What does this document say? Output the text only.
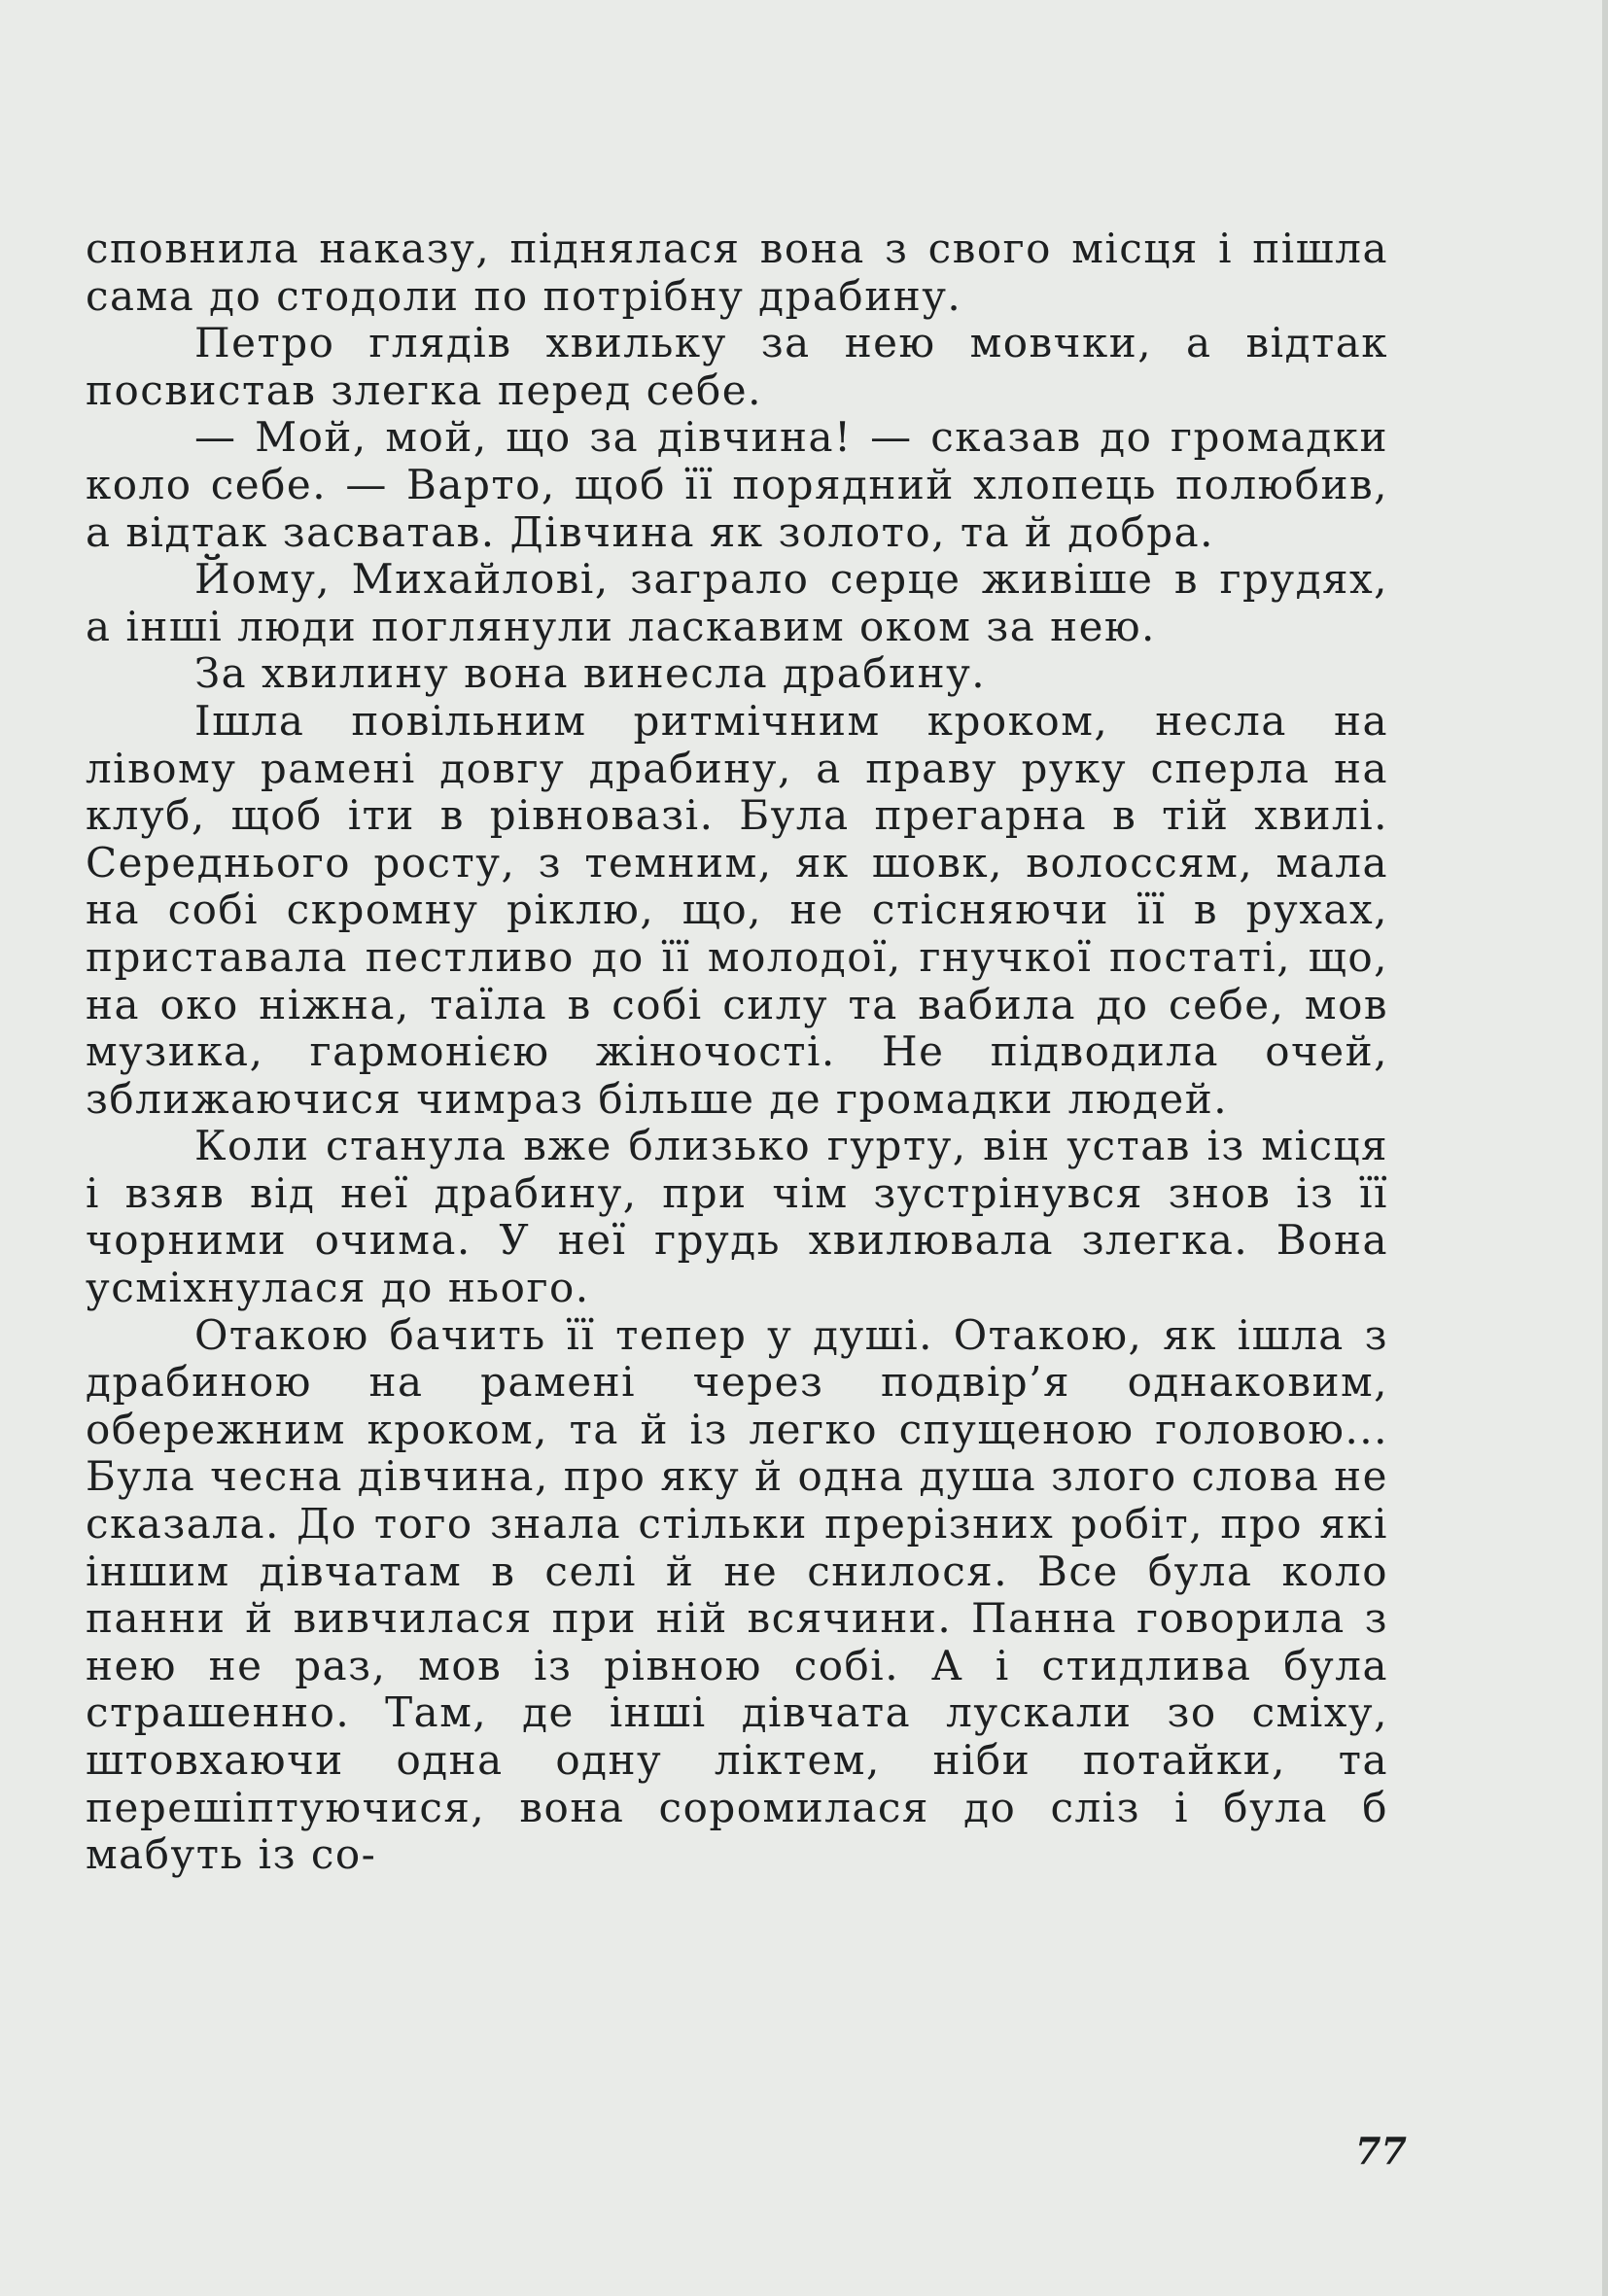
сповнила наказу, піднялася вона з свого місця і пішла сама до стодоли по потрібну драбину.

Петро глядів хвильку за нею мовчки, а відтак посвистав злегка перед себе.

— Мой, мой, що за дівчина! — сказав до громадки коло себе. — Варто, щоб її порядний хлопець полюбив, а відтак засватав. Дівчина як золото, та й добра.

Йому, Михайлові, заграло серце живіше в грудях, а інші люди поглянули ласкавим оком за нею.

За хвилину вона винесла драбину.

Ішла повільним ритмічним кроком, несла на лівому рамені довгу драбину, а праву руку сперла на клуб, щоб іти в рівновазі. Була прегарна в тій хвилі. Середнього росту, з темним, як шовк, волоссям, мала на собі скромну ріклю, що, не стісняючи її в рухах, приставала пестливо до її молодої, гнучкої постаті, що, на око ніжна, таїла в собі силу та вабила до себе, мов музика, гармонією жіночості. Не підводила очей, зближаючися чимраз більше де громадки людей.

Коли станула вже близько гурту, він устав із місця і взяв від неї драбину, при чім зустрінувся знов із її чорними очима. У неї грудь хвилювала злегка. Вона усміхнулася до нього.

Отакою бачить її тепер у душі. Отакою, як ішла з драбиною на рамені через подвір’я однаковим, обережним кроком, та й із легко спущеною головою... Була чесна дівчина, про яку й одна душа злого слова не сказала. До того знала стільки прерізних робіт, про які іншим дівчатам в селі й не снилося. Все була коло панни й вивчилася при ній всячини. Панна говорила з нею не раз, мов із рівною собі. А і стидлива була страшенно. Там, де інші дівчата лускали зо сміху, штовхаючи одна одну ліктем, ніби потайки, та перешіптуючися, вона соромилася до сліз і була б мабуть із со-

77
